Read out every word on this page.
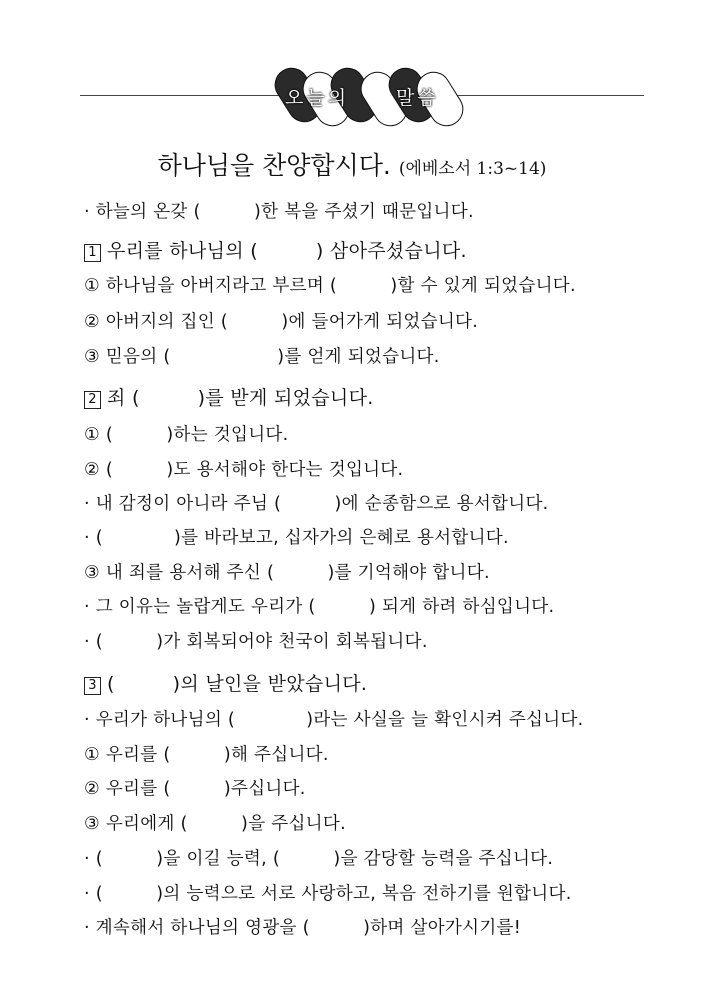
오늘의 말씀
하나님을 찬양합시다. (에베소서 1:3~14)
· 하늘의 온갖 (　　　)한 복을 주셨기 때문입니다.
1 우리를 하나님의 (　　　) 삼아주셨습니다.
① 하나님을 아버지라고 부르며 (　　　)할 수 있게 되었습니다.
② 아버지의 집인 (　　　)에 들어가게 되었습니다.
③ 믿음의 (　　　　　　)를 얻게 되었습니다.
2 죄 (　　　)를 받게 되었습니다.
① (　　　)하는 것입니다.
② (　　　)도 용서해야 한다는 것입니다.
· 내 감정이 아니라 주님 (　　　)에 순종함으로 용서합니다.
· (　　　　)를 바라보고, 십자가의 은혜로 용서합니다.
③ 내 죄를 용서해 주신 (　　　)를 기억해야 합니다.
· 그 이유는 놀랍게도 우리가 (　　　) 되게 하려 하심입니다.
· (　　　)가 회복되어야 천국이 회복됩니다.
3 (　　　)의 날인을 받았습니다.
· 우리가 하나님의 (　　　　)라는 사실을 늘 확인시켜 주십니다.
① 우리를 (　　　)해 주십니다.
② 우리를 (　　　)주십니다.
③ 우리에게 (　　　)을 주십니다.
· (　　　)을 이길 능력, (　　　)을 감당할 능력을 주십니다.
· (　　　)의 능력으로 서로 사랑하고, 복음 전하기를 원합니다.
· 계속해서 하나님의 영광을 (　　　)하며 살아가시기를!
